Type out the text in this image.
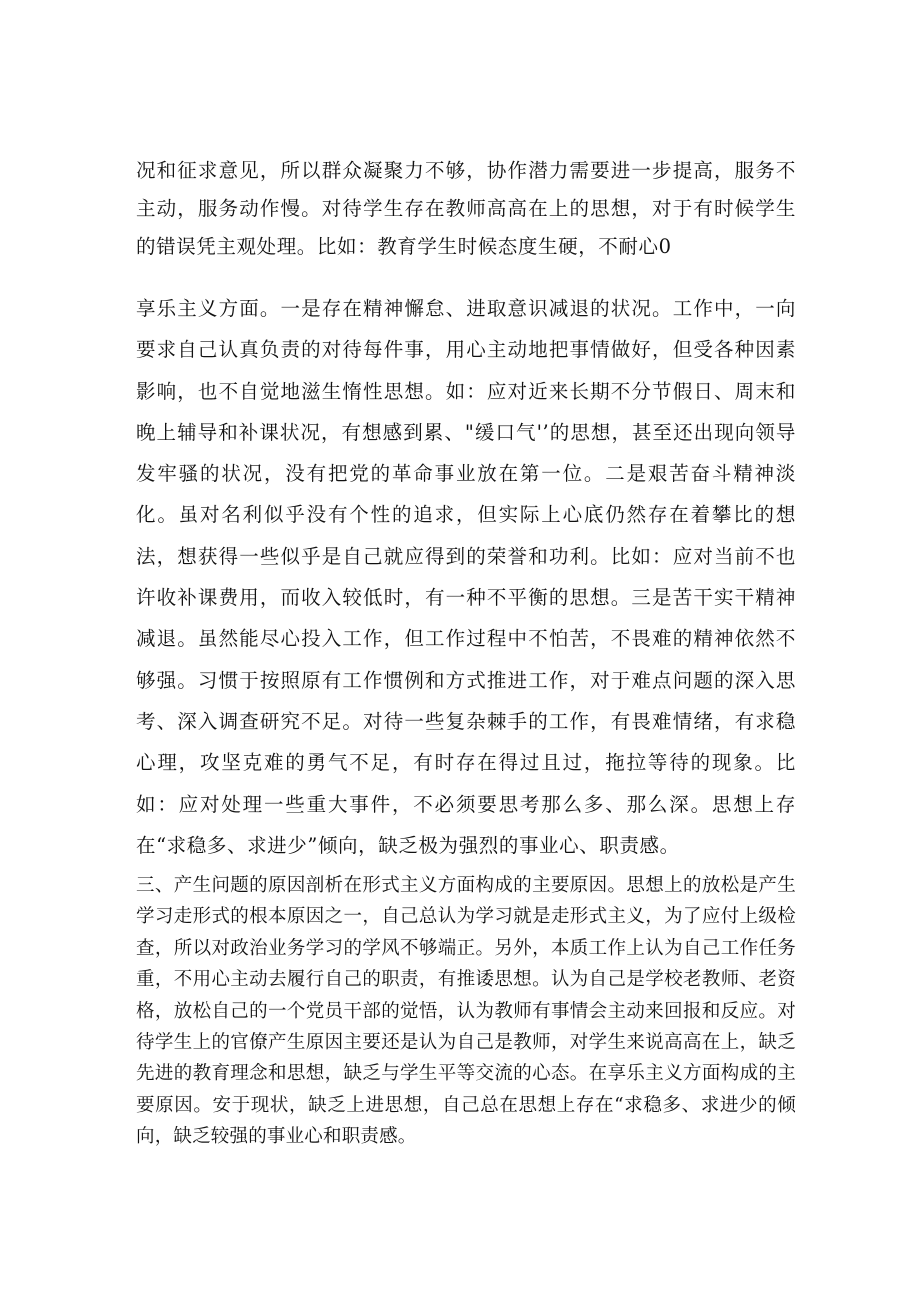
况和征求意见，所以群众凝聚力不够，协作潜力需要进一步提高，服务不主动，服务动作慢。对待学生存在教师高高在上的思想，对于有时候学生的错误凭主观处理。比如：教育学生时候态度生硬，不耐心0

享乐主义方面。一是存在精神懈怠、进取意识减退的状况。工作中，一向要求自己认真负责的对待每件事，用心主动地把事情做好，但受各种因素影响，也不自觉地滋生惰性思想。如：应对近来长期不分节假日、周末和晚上辅导和补课状况，有想感到累、"缓口气'’的思想，甚至还出现向领导发牢骚的状况，没有把党的革命事业放在第一位。二是艰苦奋斗精神淡化。虽对名利似乎没有个性的追求，但实际上心底仍然存在着攀比的想法，想获得一些似乎是自己就应得到的荣誉和功利。比如：应对当前不也许收补课费用，而收入较低时，有一种不平衡的思想。三是苦干实干精神减退。虽然能尽心投入工作，但工作过程中不怕苦，不畏难的精神依然不够强。习惯于按照原有工作惯例和方式推进工作，对于难点问题的深入思考、深入调查研究不足。对待一些复杂棘手的工作，有畏难情绪，有求稳心理，攻坚克难的勇气不足，有时存在得过且过，拖拉等待的现象。比如：应对处理一些重大事件，不必须要思考那么多、那么深。思想上存在“求稳多、求进少”倾向，缺乏极为强烈的事业心、职责感。

三、产生问题的原因剖析在形式主义方面构成的主要原因。思想上的放松是产生学习走形式的根本原因之一，自己总认为学习就是走形式主义，为了应付上级检查，所以对政治业务学习的学风不够端正。另外，本质工作上认为自己工作任务重，不用心主动去履行自己的职责，有推诿思想。认为自己是学校老教师、老资格，放松自己的一个党员干部的觉悟，认为教师有事情会主动来回报和反应。对待学生上的官僚产生原因主要还是认为自己是教师，对学生来说高高在上，缺乏先进的教育理念和思想，缺乏与学生平等交流的心态。在享乐主义方面构成的主要原因。安于现状，缺乏上进思想，自己总在思想上存在“求稳多、求进少的倾向，缺乏较强的事业心和职责感。
